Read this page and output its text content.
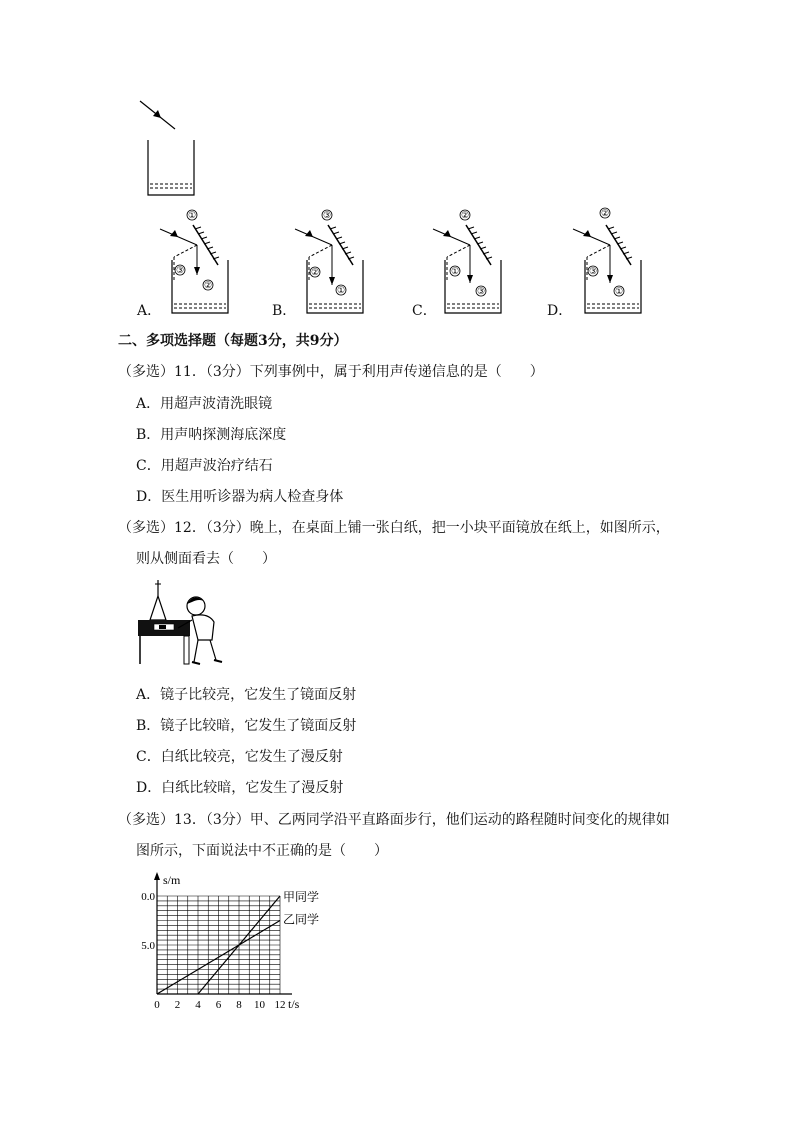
①
③
②
③
②
①
②
①
③
②
③
①
A．	B．	C．	D．
二、多项选择题（每题3分，共9分）
（多选）11．（3分）下列事例中，属于利用声传递信息的是（　　）
A．用超声波清洗眼镜
B．用声呐探测海底深度
C．用超声波治疗结石
D．医生用听诊器为病人检查身体
（多选）12．（3分）晚上，在桌面上铺一张白纸，把一小块平面镜放在纸上，如图所示，
则从侧面看去（　　）
A．镜子比较亮，它发生了镜面反射
B．镜子比较暗，它发生了镜面反射
C．白纸比较亮，它发生了漫反射
D．白纸比较暗，它发生了漫反射
（多选）13．（3分）甲、乙两同学沿平直路面步行，他们运动的路程随时间变化的规律如
图所示，下面说法中不正确的是（　　）
s/m
t/s
0 2 4 6 8 10 12
5.0
0.0	甲同学
乙同学
